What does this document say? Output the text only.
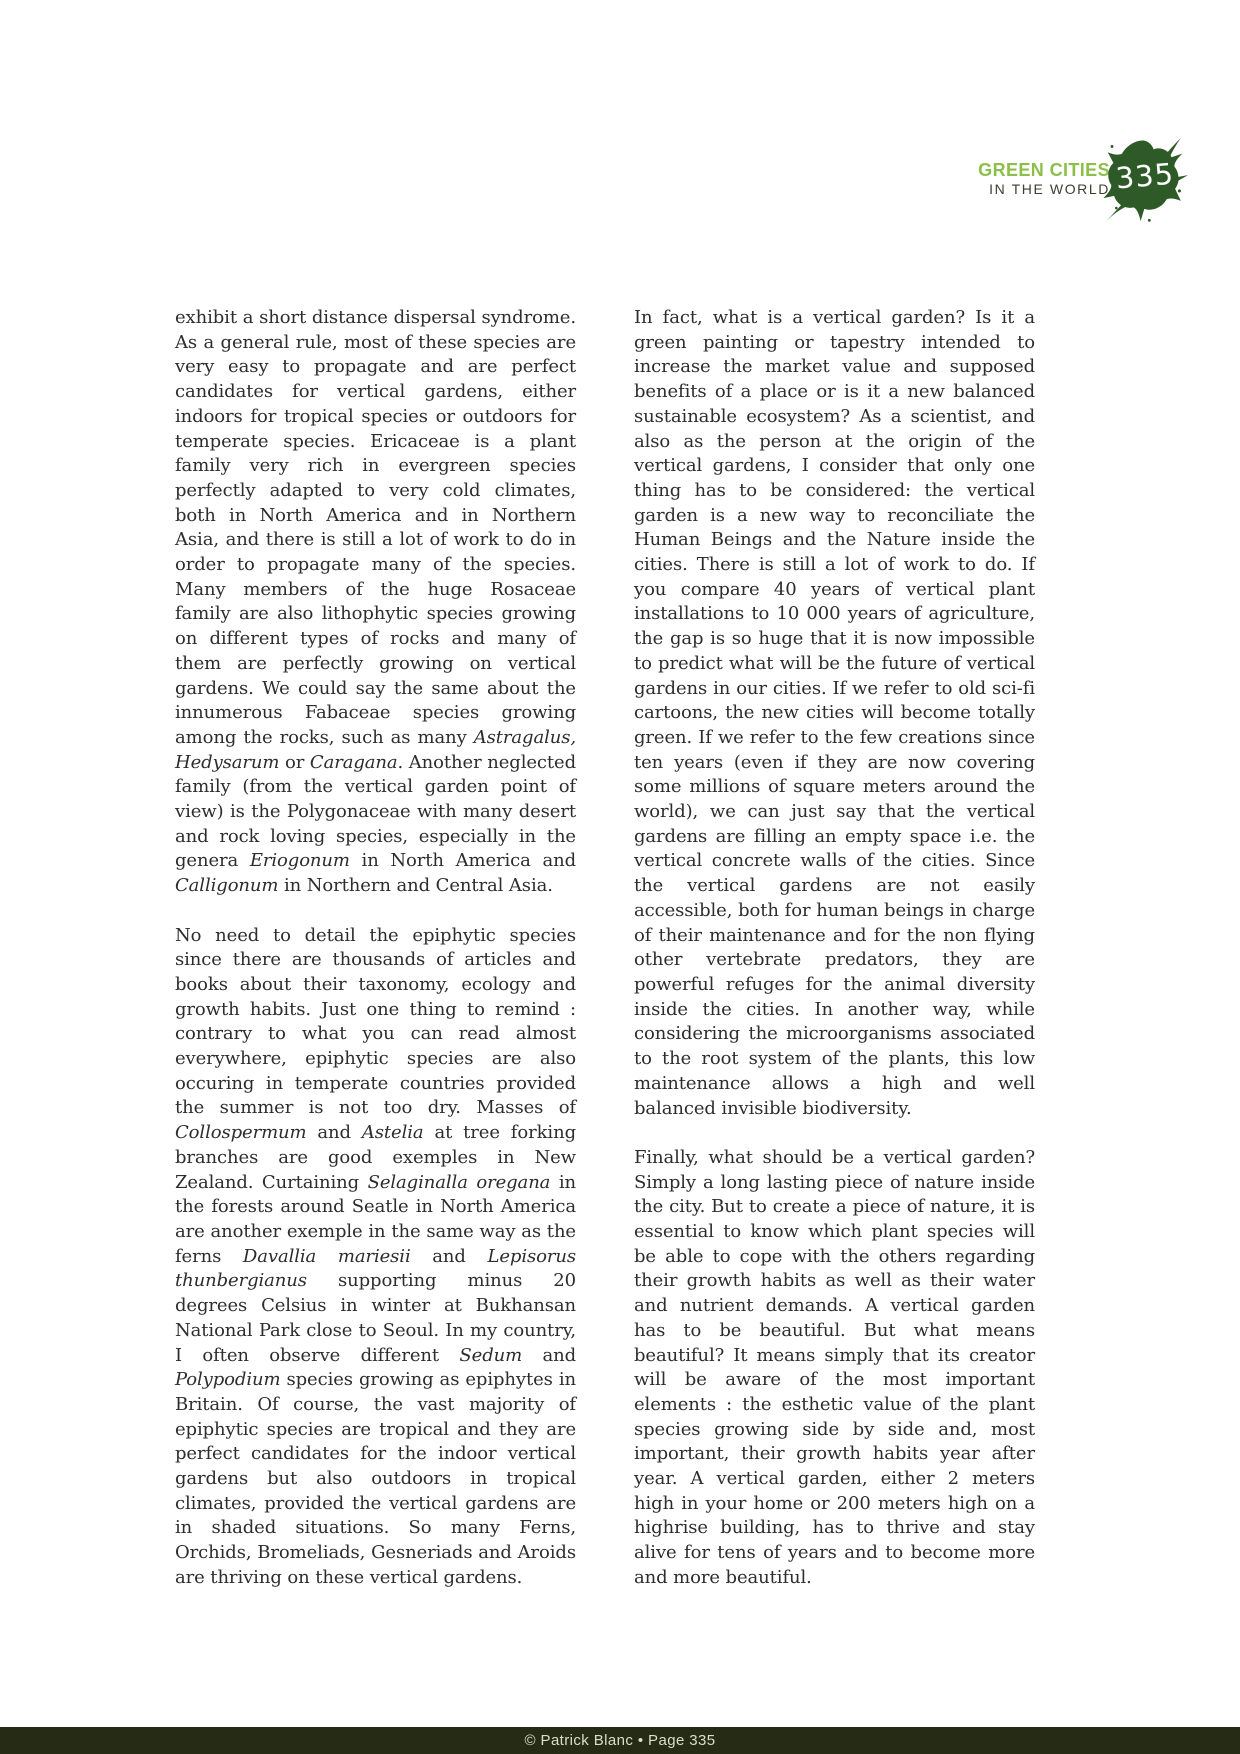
GREEN CITIES
IN THE WORLD 335

exhibit a short distance dispersal syndrome. As a general rule, most of these species are very easy to propagate and are perfect candidates for vertical gardens, either indoors for tropical species or outdoors for temperate species. Ericaceae is a plant family very rich in evergreen species perfectly adapted to very cold climates, both in North America and in Northern Asia, and there is still a lot of work to do in order to propagate many of the species. Many members of the huge Rosaceae family are also lithophytic species growing on different types of rocks and many of them are perfectly growing on vertical gardens. We could say the same about the innumerous Fabaceae species growing among the rocks, such as many Astragalus, Hedysarum or Caragana. Another neglected family (from the vertical garden point of view) is the Polygonaceae with many desert and rock loving species, especially in the genera Eriogonum in North America and Calligonum in Northern and Central Asia.

No need to detail the epiphytic species since there are thousands of articles and books about their taxonomy, ecology and growth habits. Just one thing to remind : contrary to what you can read almost everywhere, epiphytic species are also occuring in temperate countries provided the summer is not too dry. Masses of Collospermum and Astelia at tree forking branches are good exemples in New Zealand. Curtaining Selaginalla oregana in the forests around Seatle in North America are another exemple in the same way as the ferns Davallia mariesii and Lepisorus thunbergianus supporting minus 20 degrees Celsius in winter at Bukhansan National Park close to Seoul. In my country, I often observe different Sedum and Polypodium species growing as epiphytes in Britain. Of course, the vast majority of epiphytic species are tropical and they are perfect candidates for the indoor vertical gardens but also outdoors in tropical climates, provided the vertical gardens are in shaded situations. So many Ferns, Orchids, Bromeliads, Gesneriads and Aroids are thriving on these vertical gardens.

In fact, what is a vertical garden? Is it a green painting or tapestry intended to increase the market value and supposed benefits of a place or is it a new balanced sustainable ecosystem? As a scientist, and also as the person at the origin of the vertical gardens, I consider that only one thing has to be considered: the vertical garden is a new way to reconciliate the Human Beings and the Nature inside the cities. There is still a lot of work to do. If you compare 40 years of vertical plant installations to 10 000 years of agriculture, the gap is so huge that it is now impossible to predict what will be the future of vertical gardens in our cities. If we refer to old sci-fi cartoons, the new cities will become totally green. If we refer to the few creations since ten years (even if they are now covering some millions of square meters around the world), we can just say that the vertical gardens are filling an empty space i.e. the vertical concrete walls of the cities. Since the vertical gardens are not easily accessible, both for human beings in charge of their maintenance and for the non flying other vertebrate predators, they are powerful refuges for the animal diversity inside the cities. In another way, while considering the microorganisms associated to the root system of the plants, this low maintenance allows a high and well balanced invisible biodiversity.

Finally, what should be a vertical garden? Simply a long lasting piece of nature inside the city. But to create a piece of nature, it is essential to know which plant species will be able to cope with the others regarding their growth habits as well as their water and nutrient demands. A vertical garden has to be beautiful. But what means beautiful? It means simply that its creator will be aware of the most important elements : the esthetic value of the plant species growing side by side and, most important, their growth habits year after year. A vertical garden, either 2 meters high in your home or 200 meters high on a highrise building, has to thrive and stay alive for tens of years and to become more and more beautiful.

© Patrick Blanc • Page 335
